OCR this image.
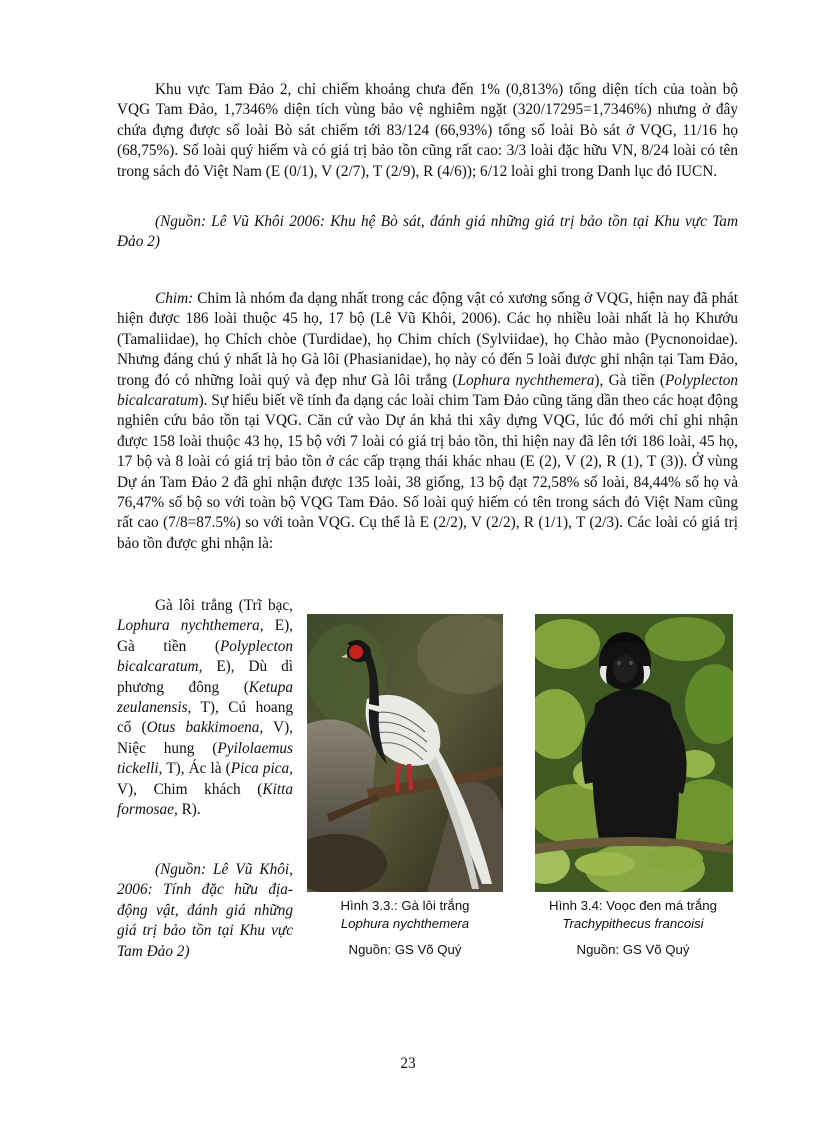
Khu vực Tam Đảo 2, chỉ chiếm khoảng chưa đến 1% (0,813%) tổng diện tích của toàn bộ VQG Tam Đảo, 1,7346% diện tích vùng bảo vệ nghiêm ngặt (320/17295=1,7346%) nhưng ở đây chứa đựng được số loài Bò sát chiếm tới 83/124 (66,93%) tổng số loài Bò sát ở VQG, 11/16 họ (68,75%). Số loài quý hiếm và có giá trị bảo tồn cũng rất cao: 3/3 loài đặc hữu VN, 8/24 loài có tên trong sách đỏ Việt Nam (E (0/1), V (2/7), T (2/9), R (4/6)); 6/12 loài ghi trong Danh lục đỏ IUCN.

(Nguồn: Lê Vũ Khôi 2006: Khu hệ Bò sát, đánh giá những giá trị bảo tồn tại Khu vực Tam Đảo 2)

Chim: Chim là nhóm đa dạng nhất trong các động vật có xương sống ở VQG, hiện nay đã phát hiện được 186 loài thuộc 45 họ, 17 bộ (Lê Vũ Khôi, 2006). Các họ nhiều loài nhất là họ Khướu (Tamaliidae), họ Chích chòe (Turdidae), họ Chim chích (Sylviidae), họ Chào mào (Pycnonoidae). Nhưng đáng chú ý nhất là họ Gà lôi (Phasianidae), họ này có đến 5 loài được ghi nhận tại Tam Đảo, trong đó có những loài quý và đẹp như Gà lôi trắng (Lophura nychthemera), Gà tiền (Polyplecton bicalcaratum). Sự hiểu biết về tính đa dạng các loài chim Tam Đảo cũng tăng dần theo các hoạt động nghiên cứu bảo tồn tại VQG. Căn cứ vào Dự án khả thi xây dựng VQG, lúc đó mới chỉ ghi nhận được 158 loài thuộc 43 họ, 15 bộ với 7 loài có giá trị bảo tồn, thì hiện nay đã lên tới 186 loài, 45 họ, 17 bộ và 8 loài có giá trị bảo tồn ở các cấp trạng thái khác nhau (E (2), V (2), R (1), T (3)). Ở vùng Dự án Tam Đảo 2 đã ghi nhận được 135 loài, 38 giống, 13 bộ đạt 72,58% số loài, 84,44% số họ và 76,47% số bộ so với toàn bộ VQG Tam Đảo. Số loài quý hiếm có tên trong sách đỏ Việt Nam cũng rất cao (7/8=87.5%) so với toàn VQG. Cụ thể là E (2/2), V (2/2), R (1/1), T (2/3). Các loài có giá trị bảo tồn được ghi nhận là:

Gà lôi trắng (Trĩ bạc, Lophura nychthemera, E), Gà tiền (Polyplecton bicalcaratum, E), Dù dì phương đông (Ketupa zeulanensis, T), Cú hoang cổ (Otus bakkimoena, V), Niệc hung (Pyilolaemus tickelli, T), Ác là (Pica pica, V), Chim khách (Kitta formosae, R).

(Nguồn: Lê Vũ Khôi, 2006: Tính đặc hữu địa-động vật, đánh giá những giá trị bảo tồn tại Khu vực Tam Đảo 2)

Hình 3.3.: Gà lôi trắng
Lophura nychthemera
Nguồn: GS Võ Quý
Hình 3.4: Voọc đen má trắng
Trachypithecus francoisi
Nguồn: GS Võ Quý
23
